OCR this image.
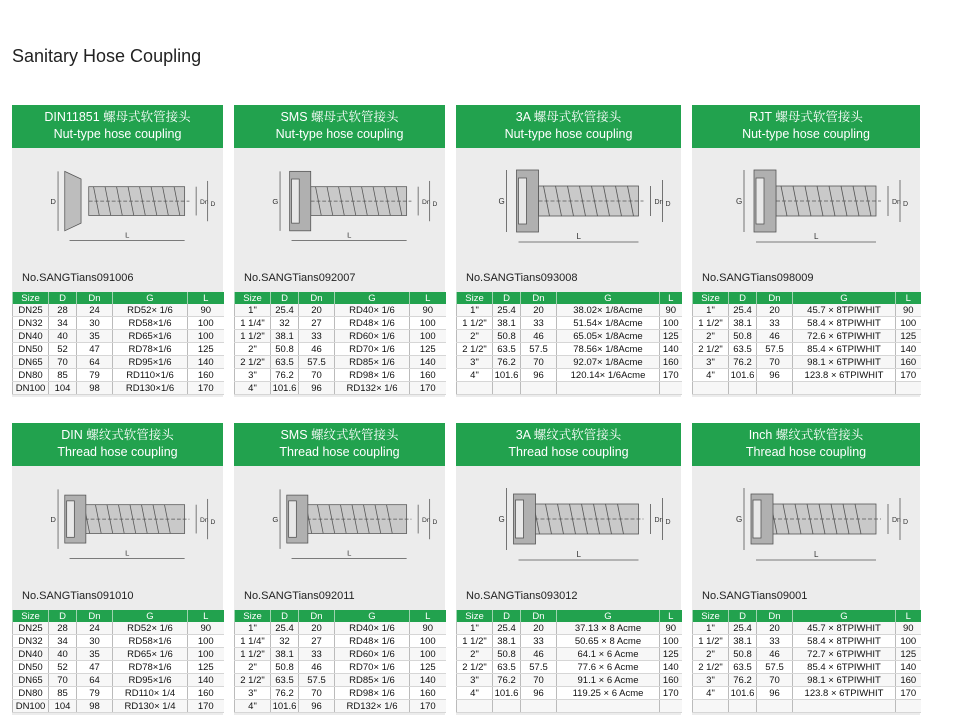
Sanitary Hose Coupling
DIN11851 螺母式软管接头
Nut-type hose coupling
L
D	Dn D
No.SANGTians091006
Size	D	Dn	G	L
DN25	28	24	RD52× 1/6	90
DN32	34	30	RD58×1/6	100
DN40	40	35	RD65×1/6	100
DN50	52	47	RD78×1/6	125
DN65	70	64	RD95×1/6	140
DN80	85	79	RD110×1/6	160
DN100	104	98	RD130×1/6	170
SMS 螺母式软管接头
Nut-type hose coupling
L
G	Dn D
No.SANGTians092007
Size	D	Dn	G	L
1"	25.4	20	RD40× 1/6	90
1 1/4"	32	27	RD48× 1/6	100
1 1/2"	38.1	33	RD60× 1/6	100
2"	50.8	46	RD70× 1/6	125
2 1/2"	63.5	57.5	RD85× 1/6	140
3"	76.2	70	RD98× 1/6	160
4"	101.6	96	RD132× 1/6	170
3A 螺母式软管接头
Nut-type hose coupling
L
G	Dn D
No.SANGTians093008
Size	D	Dn	G	L
1"	25.4	20	38.02× 1/8Acme	90
1 1/2"	38.1	33	51.54× 1/8Acme	100
2"	50.8	46	65.05× 1/8Acme	125
2 1/2"	63.5	57.5	78.56× 1/8Acme	140
3"	76.2	70	92.07× 1/8Acme	160
4"	101.6	96	120.14× 1/6Acme	170

RJT 螺母式软管接头
Nut-type hose coupling
L
G	Dn D
No.SANGTians098009
Size	D	Dn	G	L
1"	25.4	20	45.7 × 8TPIWHIT	90
1 1/2"	38.1	33	58.4 × 8TPIWHIT	100
2"	50.8	46	72.6 × 6TPIWHIT	125
2 1/2"	63.5	57.5	85.4 × 6TPIWHIT	140
3"	76.2	70	98.1 × 6TPIWHIT	160
4"	101.6	96	123.8 × 6TPIWHIT	170

DIN 螺纹式软管接头
Thread hose coupling
L
D	Dn D
No.SANGTians091010
Size	D	Dn	G	L
DN25	28	24	RD52× 1/6	90
DN32	34	30	RD58×1/6	100
DN40	40	35	RD65× 1/6	100
DN50	52	47	RD78×1/6	125
DN65	70	64	RD95×1/6	140
DN80	85	79	RD110× 1/4	160
DN100	104	98	RD130× 1/4	170
SMS 螺纹式软管接头
Thread hose coupling
L
G	Dn D
No.SANGTians092011
Size	D	Dn	G	L
1"	25.4	20	RD40× 1/6	90
1 1/4"	32	27	RD48× 1/6	100
1 1/2"	38.1	33	RD60× 1/6	100
2"	50.8	46	RD70× 1/6	125
2 1/2"	63.5	57.5	RD85× 1/6	140
3"	76.2	70	RD98× 1/6	160
4"	101.6	96	RD132× 1/6	170
3A 螺纹式软管接头
Thread hose coupling
L
G	Dn D
No.SANGTians093012
Size	D	Dn	G	L
1"	25.4	20	37.13 × 8 Acme	90
1 1/2"	38.1	33	50.65 × 8 Acme	100
2"	50.8	46	64.1 × 6 Acme	125
2 1/2"	63.5	57.5	77.6 × 6 Acme	140
3"	76.2	70	91.1 × 6 Acme	160
4"	101.6	96	119.25 × 6 Acme	170

Inch 螺纹式软管接头
Thread hose coupling
L
G	Dn D
No.SANGTians09001
Size	D	Dn	G	L
1"	25.4	20	45.7 × 8TPIWHIT	90
1 1/2"	38.1	33	58.4 × 8TPIWHIT	100
2"	50.8	46	72.7 × 6TPIWHIT	125
2 1/2"	63.5	57.5	85.4 × 6TPIWHIT	140
3"	76.2	70	98.1 × 6TPIWHIT	160
4"	101.6	96	123.8 × 6TPIWHIT	170
